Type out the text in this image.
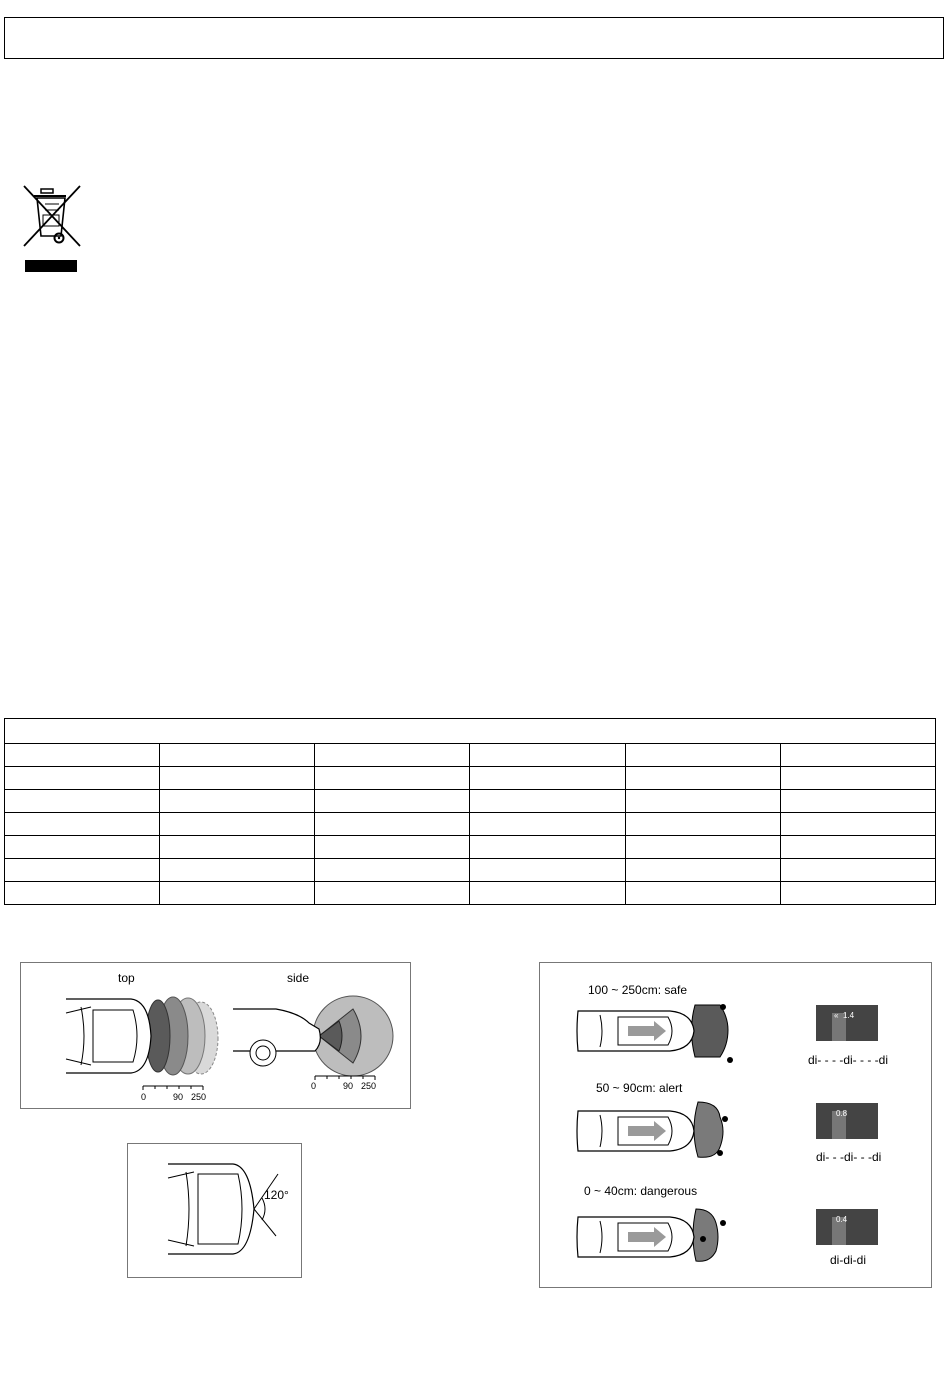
top	side
0	90 250
0	90 250
120°
100 ~ 250cm: safe
« 1.4
di- - - -di- - - -di
50 ~ 90cm: alert
0.8
di- - -di- - -di
0 ~ 40cm: dangerous
0.4
di-di-di
